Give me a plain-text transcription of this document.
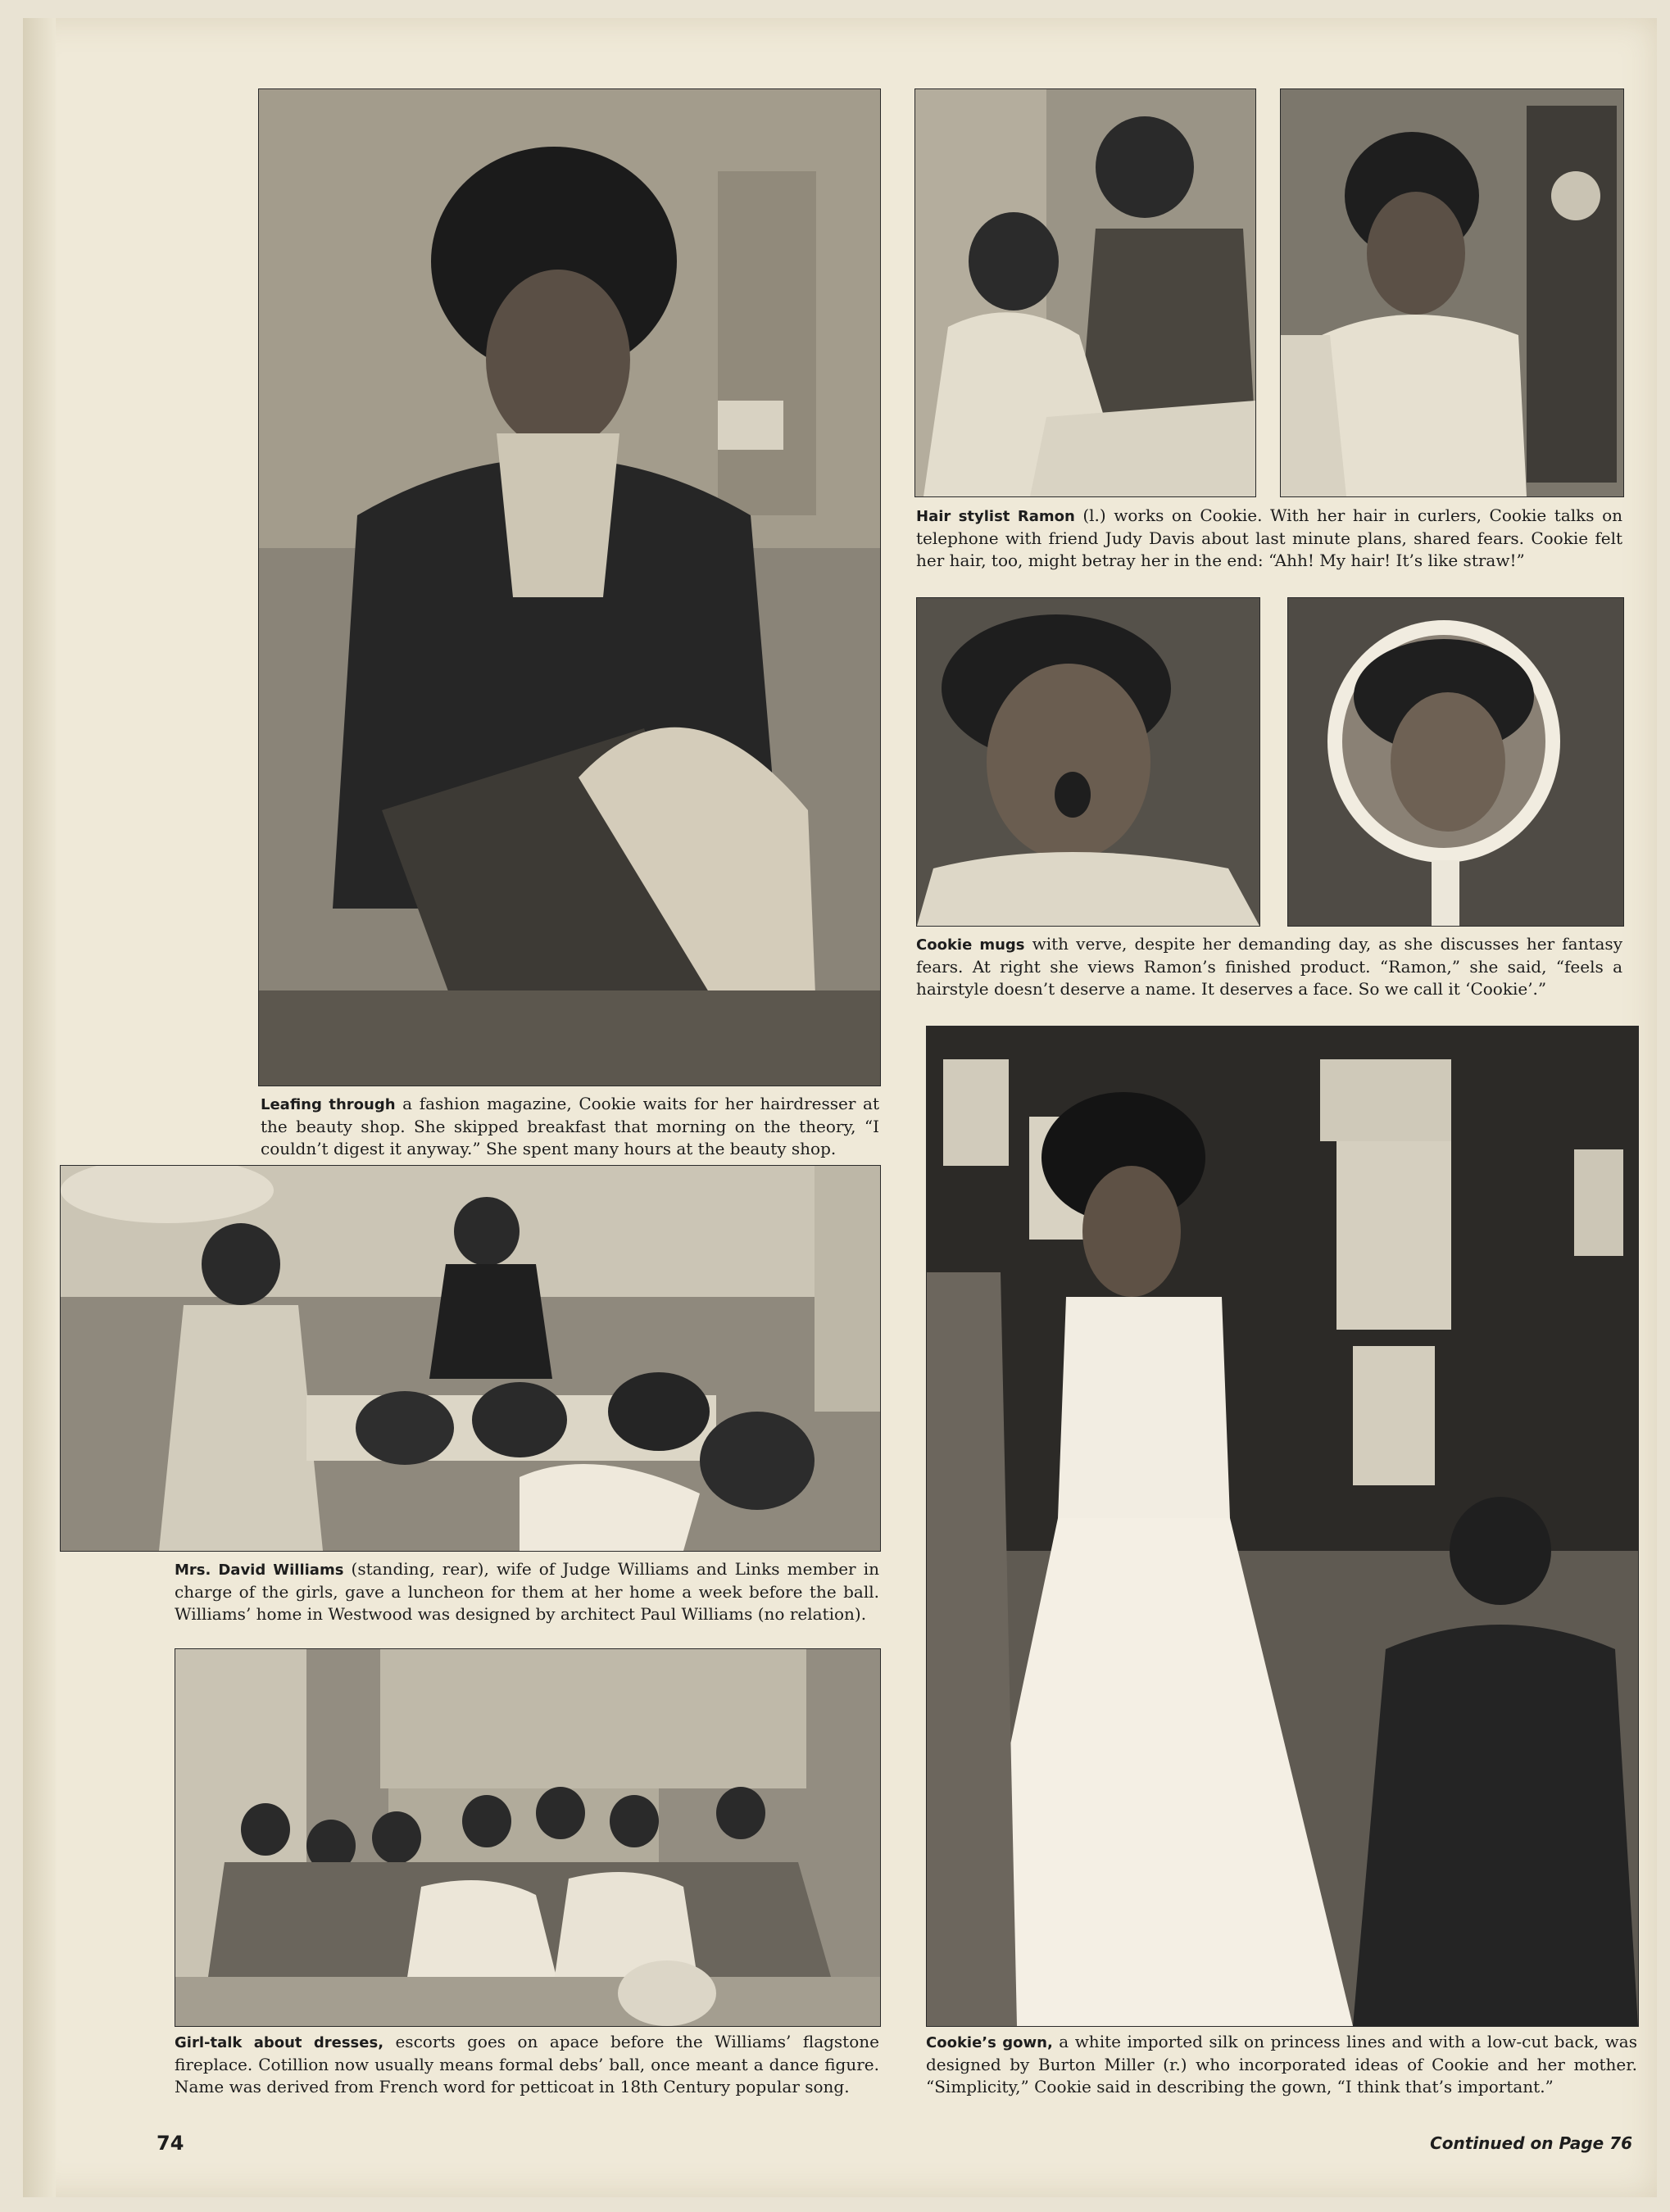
Leafing through a fashion magazine, Cookie waits for her hairdresser at the beauty shop. She skipped breakfast that morning on the theory, “I couldn’t digest it anyway.” She spent many hours at the beauty shop.
Hair stylist Ramon (l.) works on Cookie. With her hair in curlers, Cookie talks on telephone with friend Judy Davis about last minute plans, shared fears. Cookie felt her hair, too, might betray her in the end: “Ahh! My hair! It’s like straw!”
Cookie mugs with verve, despite her demanding day, as she discusses her fantasy fears. At right she views Ramon’s finished product. “Ramon,” she said, “feels a hairstyle doesn’t deserve a name. It deserves a face. So we call it ‘Cookie’.”
Cookie’s gown, a white imported silk on princess lines and with a low-cut back, was designed by Burton Miller (r.) who incorporated ideas of Cookie and her mother. “Simplicity,” Cookie said in describing the gown, “I think that’s important.”
Mrs. David Williams (standing, rear), wife of Judge Williams and Links member in charge of the girls, gave a luncheon for them at her home a week before the ball. Williams’ home in Westwood was designed by architect Paul Williams (no relation).
Girl-talk about dresses, escorts goes on apace before the Williams’ flagstone fireplace. Cotillion now usually means formal debs’ ball, once meant a dance figure. Name was derived from French word for petticoat in 18th Century popular song.
74	Continued on Page 76
